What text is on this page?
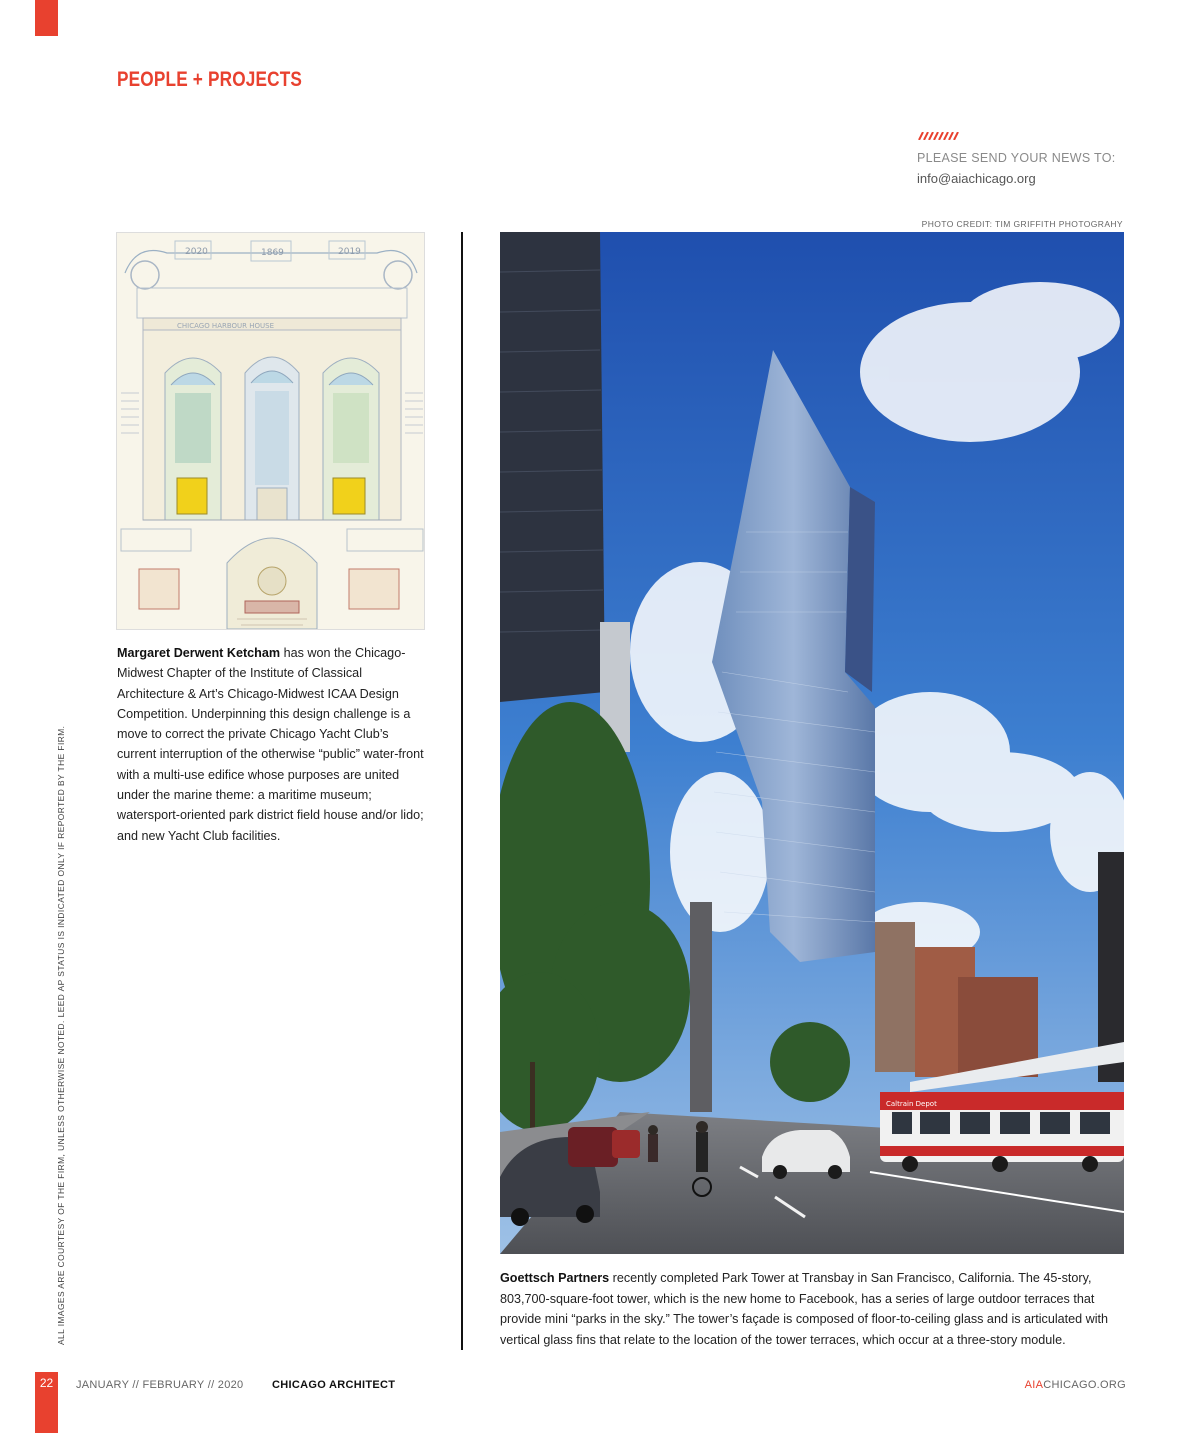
PEOPLE + PROJECTS
PLEASE SEND YOUR NEWS TO:
info@aiachicago.org
PHOTO CREDIT: TIM GRIFFITH PHOTOGRAHY
2020	1869	2019
CHICAGO HARBOUR HOUSE
Margaret Derwent Ketcham has won the Chicago-Midwest Chapter of the Institute of Classical Architecture & Art’s Chicago-Midwest ICAA Design Competition. Underpinning this design challenge is a move to correct the private Chicago Yacht Club’s current interruption of the otherwise “public” water-front with a multi-use edifice whose purposes are united under the marine theme: a maritime museum; watersport-oriented park district field house and/or lido; and new Yacht Club facilities.
Caltrain Depot
Goettsch Partners recently completed Park Tower at Transbay in San Francisco, California. The 45-story, 803,700-square-foot tower, which is the new home to Facebook, has a series of large outdoor terraces that provide mini “parks in the sky.” The tower’s façade is composed of floor-to-ceiling glass and is articulated with vertical glass fins that relate to the location of the tower terraces, which occur at a three-story module.
ALL IMAGES ARE COURTESY OF THE FIRM, UNLESS OTHERWISE NOTED. LEED AP STATUS IS INDICATED ONLY IF REPORTED BY THE FIRM.
22	JANUARY // FEBRUARY // 2020	CHICAGO ARCHITECT	AIACHICAGO.ORG
